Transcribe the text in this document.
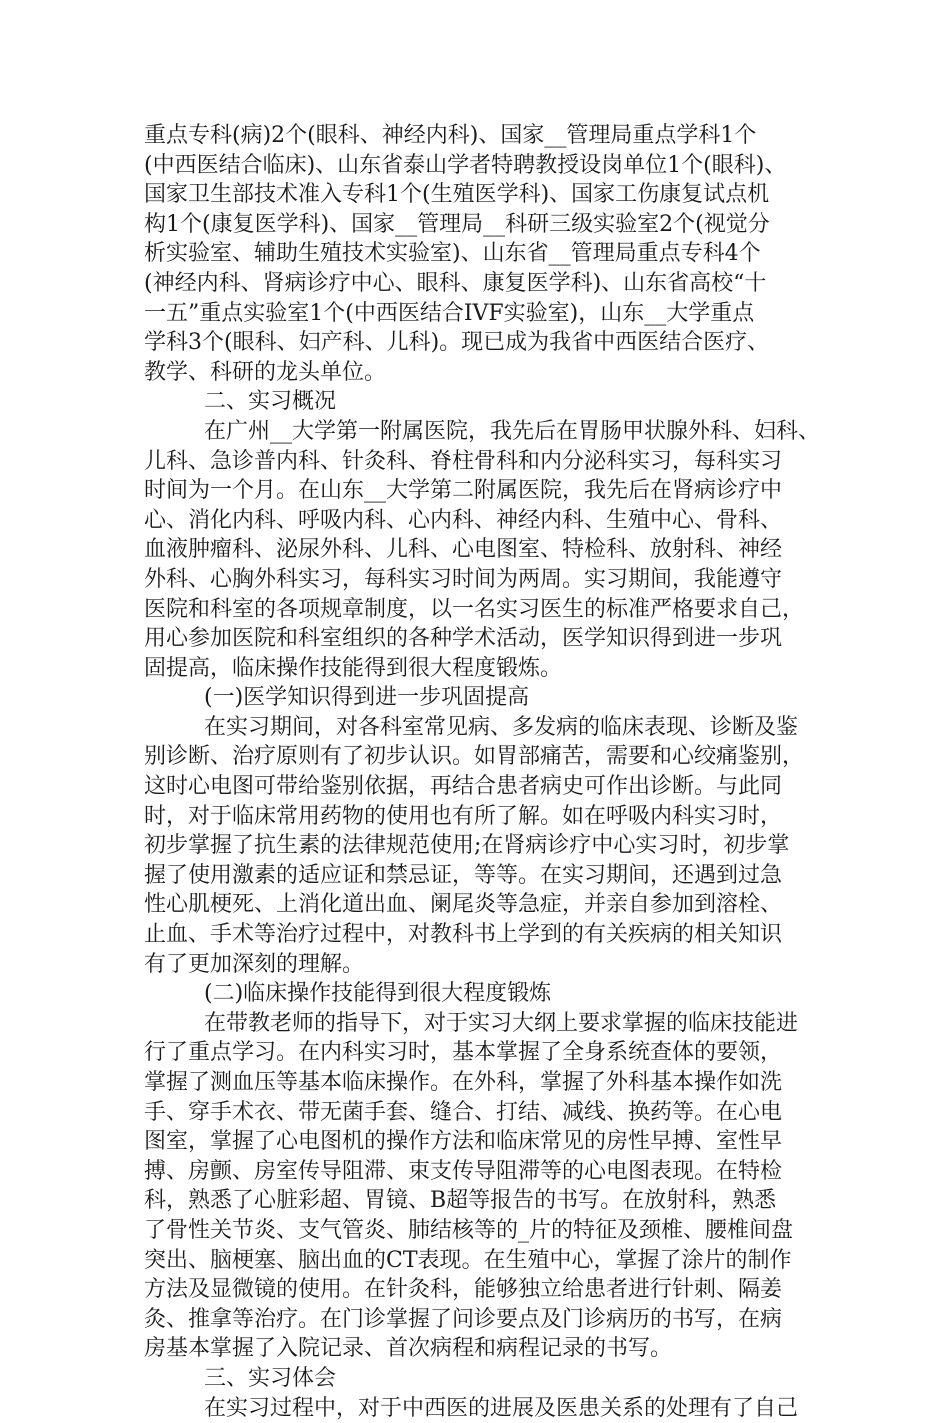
重点专科(病)2个(眼科、神经内科)、国家__管理局重点学科1个
(中西医结合临床)、山东省泰山学者特聘教授设岗单位1个(眼科)、
国家卫生部技术准入专科1个(生殖医学科)、国家工伤康复试点机
构1个(康复医学科)、国家__管理局__科研三级实验室2个(视觉分
析实验室、辅助生殖技术实验室)、山东省__管理局重点专科4个
(神经内科、肾病诊疗中心、眼科、康复医学科)、山东省高校“十
一五”重点实验室1个(中西医结合IVF实验室)，山东__大学重点
学科3个(眼科、妇产科、儿科)。现已成为我省中西医结合医疗、
教学、科研的龙头单位。
二、实习概况
在广州__大学第一附属医院，我先后在胃肠甲状腺外科、妇科、
儿科、急诊普内科、针灸科、脊柱骨科和内分泌科实习，每科实习
时间为一个月。在山东__大学第二附属医院，我先后在肾病诊疗中
心、消化内科、呼吸内科、心内科、神经内科、生殖中心、骨科、
血液肿瘤科、泌尿外科、儿科、心电图室、特检科、放射科、神经
外科、心胸外科实习，每科实习时间为两周。实习期间，我能遵守
医院和科室的各项规章制度，以一名实习医生的标准严格要求自己，
用心参加医院和科室组织的各种学术活动，医学知识得到进一步巩
固提高，临床操作技能得到很大程度锻炼。
(一)医学知识得到进一步巩固提高
在实习期间，对各科室常见病、多发病的临床表现、诊断及鉴
别诊断、治疗原则有了初步认识。如胃部痛苦，需要和心绞痛鉴别，
这时心电图可带给鉴别依据，再结合患者病史可作出诊断。与此同
时，对于临床常用药物的使用也有所了解。如在呼吸内科实习时，
初步掌握了抗生素的法律规范使用;在肾病诊疗中心实习时，初步掌
握了使用激素的适应证和禁忌证，等等。在实习期间，还遇到过急
性心肌梗死、上消化道出血、阑尾炎等急症，并亲自参加到溶栓、
止血、手术等治疗过程中，对教科书上学到的有关疾病的相关知识
有了更加深刻的理解。
(二)临床操作技能得到很大程度锻炼
在带教老师的指导下，对于实习大纲上要求掌握的临床技能进
行了重点学习。在内科实习时，基本掌握了全身系统查体的要领，
掌握了测血压等基本临床操作。在外科，掌握了外科基本操作如洗
手、穿手术衣、带无菌手套、缝合、打结、减线、换药等。在心电
图室，掌握了心电图机的操作方法和临床常见的房性早搏、室性早
搏、房颤、房室传导阻滞、束支传导阻滞等的心电图表现。在特检
科，熟悉了心脏彩超、胃镜、B超等报告的书写。在放射科，熟悉
了骨性关节炎、支气管炎、肺结核等的_片的特征及颈椎、腰椎间盘
突出、脑梗塞、脑出血的CT表现。在生殖中心，掌握了涂片的制作
方法及显微镜的使用。在针灸科，能够独立给患者进行针刺、隔姜
灸、推拿等治疗。在门诊掌握了问诊要点及门诊病历的书写，在病
房基本掌握了入院记录、首次病程和病程记录的书写。
三、实习体会
在实习过程中，对于中西医的进展及医患关系的处理有了自己
